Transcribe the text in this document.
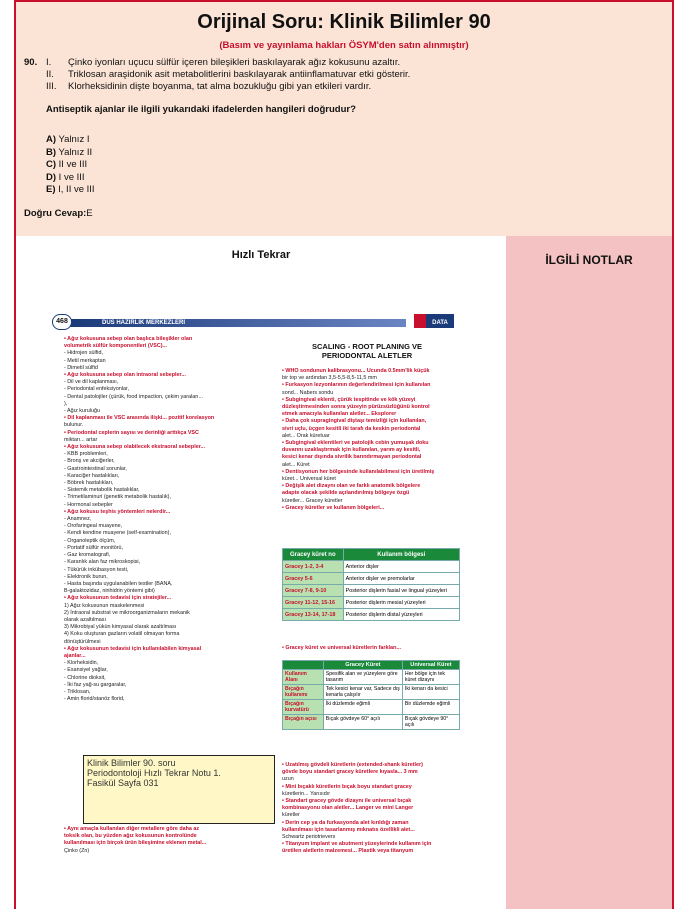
Orijinal Soru: Klinik Bilimler 90
(Basım ve yayınlama hakları ÖSYM'den satın alınmıştır)
90. I. Çinko iyonları uçucu sülfür içeren bileşikleri baskılayarak ağız kokusunu azaltır.
II. Triklosan araşidonik asit metabolitlerini baskılayarak antiinflamatuvar etki gösterir.
III. Klorheksidinin dişte boyanma, tat alma bozukluğu gibi yan etkileri vardır.
Antiseptik ajanlar ile ilgili yukarıdaki ifadelerden hangileri doğrudur?
A) Yalnız I
B) Yalnız II
C) II ve III
D) I ve III
E) I, II ve III
Doğru Cevap:E
Hızlı Tekrar
468	DUS HAZIRLIK MERKEZLERİ	DATA
• Ağız kokusuna sebep olan başlıca bileşikler olan
volumetrik sülfür komponentleri (VSC)...
- Hidrojen sülfid,
- Metil merkaptan
- Dimetil sülfid
• Ağız kokusuna sebep olan intraoral sebepler...
- Dil ve dil kaplanması,
- Periodontal enfeksiyonlar,
- Dental patolojiler (çürük, food impaction, çekim yaraları...
),
- Ağız kuruluğu
• Dil kaplanması ile VSC arasında ilişki... pozitif korelasyon
bulunur.
• Periodontal ceplerin sayısı ve derinliği arttıkça VSC
miktarı... artar
• Ağız kokusuna sebep olabilecek ekstraoral sebepler...
- KBB problemleri,
- Bronş ve akciğerler,
- Gastrointestinal sorunlar,
- Karaciğer hastalıkları,
- Böbrek hastalıkları,
- Sistemik metabolik hastalıklar,
- Trimetilaminuri (genetik metabolik hastalık),
- Hormonal sebepler
• Ağız kokusu teşhis yöntemleri nelerdir...
- Anamnez,
- Orofaringeal muayene,
- Kendi kendine muayene (self-examination),
- Organoleptik ölçüm,
- Portatif sülfür monitörü,
- Gaz kromatografi,
- Karanlık alan faz mikroskopisi,
- Tükürük inkübasyon testi,
- Elektronik burun,
- Hasta başında uygulanabilen testler (BANA,
B-galaktozidaz, ninhidrin yöntemi gibi)
• Ağız kokusunun tedavisi için stratejiler...
1) Ağız kokusunun maskelenmesi
2) İntraoral substrat ve mikroorganizmaların mekanik
olarak azaltılması
3) Mikrobiyal yükün kimyasal olarak azaltılması
4) Koku oluşturan gazların volatil olmayan forma
dönüştürülmesi
• Ağız kokusunun tedavisi için kullanılabilen kimyasal
ajanlar...
- Klorheksidin,
- Esansiyel yağlar,
- Chlorine dioksit,
- İki faz yağ-su gargaralar,
- Triklosan,
- Amin florid/stanöz florid,
• Aynı amaçla kullanılan diğer metallere göre daha az
toksik olan, bu yüzden ağız kokusunun kontrolünde
kullanılması için birçok ürün bileşimine eklenen metal...
Çinko (Zn)
SCALING - ROOT PLANING VE
PERIODONTAL ALETLER
• WHO sondunun kalibrasyonu... Ucunda 0.5mm'lik küçük
bir top ve ardından 3,5-5,5-8,5-11,5 mm
• Furkasyon lezyonlarının değerlendirilmesi için kullanılan
sond... Nabers sondu
• Subgingival eklenti, çürük tespitinde ve kök yüzeyi
düzleştirmesinden sonra yüzeyin pürüzsüzlüğünü kontrol
etmek amacıyla kullanılan aletler... Eksplorer
• Daha çok supragingival diştaşı temizliği için kullanılan,
sivri uçlu, üçgen kesitli iki tarafı da keskin periodontal
alet... Orak küretuar
• Subgingival eklentileri ve patolojik cebin yumuşak doku
duvarını uzaklaştırmak için kullanılan, yarım ay kesitli,
kesici kenar dışında sivrilik barındırmayan periodontal
alet... Küret
• Dentisyonun her bölgesinde kullanılabilmesi için üretilmiş
küret... Universal küret
• Değişik alet dizaynı olan ve farklı anatomik bölgelere
adapte olacak şekilde açılandırılmış bölgeye özgü
küretler... Gracey küretler
• Gracey küretler ve kullanım bölgeleri...
Gracey küret no	Kullanım bölgesi
Gracey 1-2, 3-4	Anterior dişler
Gracey 5-6	Anterior dişler ve premolarlar
Gracey 7-8, 9-10	Posterior dişlerin fasial ve lingual yüzeyleri
Gracey 11-12, 15-16	Posterior dişlerin mesial yüzeyleri
Gracey 13-14, 17-18	Posterior dişlerin distal yüzeyleri
• Gracey küret ve universal küretlerin farkları...
	Gracey Küret	Universal Küret
Kullanım Alanı	Spesifik alan ve yüzeylere göre tasarım	Her bölge için tek küret dizaynı
Bıçağın kullanımı	Tek kesici kenar var, Sadece dış kenarla çalışılır	İki kenarı da kesici
Bıçağın kurvatürü	İki düzlemde eğimli	Bir düzlemde eğimli
Bıçağın açısı	Bıçak gövdeye 60° açılı	Bıçak gövdeye 90° açılı
• Uzatılmış gövdeli küretlerin (extended-shank küretler)
gövde boyu standart gracey küretlere kıyasla... 3 mm
uzun
• Mini bıçaklı küretlerin bıçak boyu standart gracey
küretlerin... Yarısıdır
• Standart gracey gövde dizaynı ile universal bıçak
kombinasyonu olan aletler... Langer ve mini Langer
küretler
• Derin cep ya da furkasyonda alet kırıldığı zaman
kullanılması için tasarlanmış mıknatıs özellikli alet...
Schwartz periotrievers
• Titanyum implant ve abutment yüzeylerinde kullanım için
üretilen aletlerin malzemesi... Plastik veya titanyum
Klinik Bilimler 90. soru
Periodontoloji Hızlı Tekrar Notu 1.
Fasikül Sayfa 031
İLGİLİ NOTLAR
